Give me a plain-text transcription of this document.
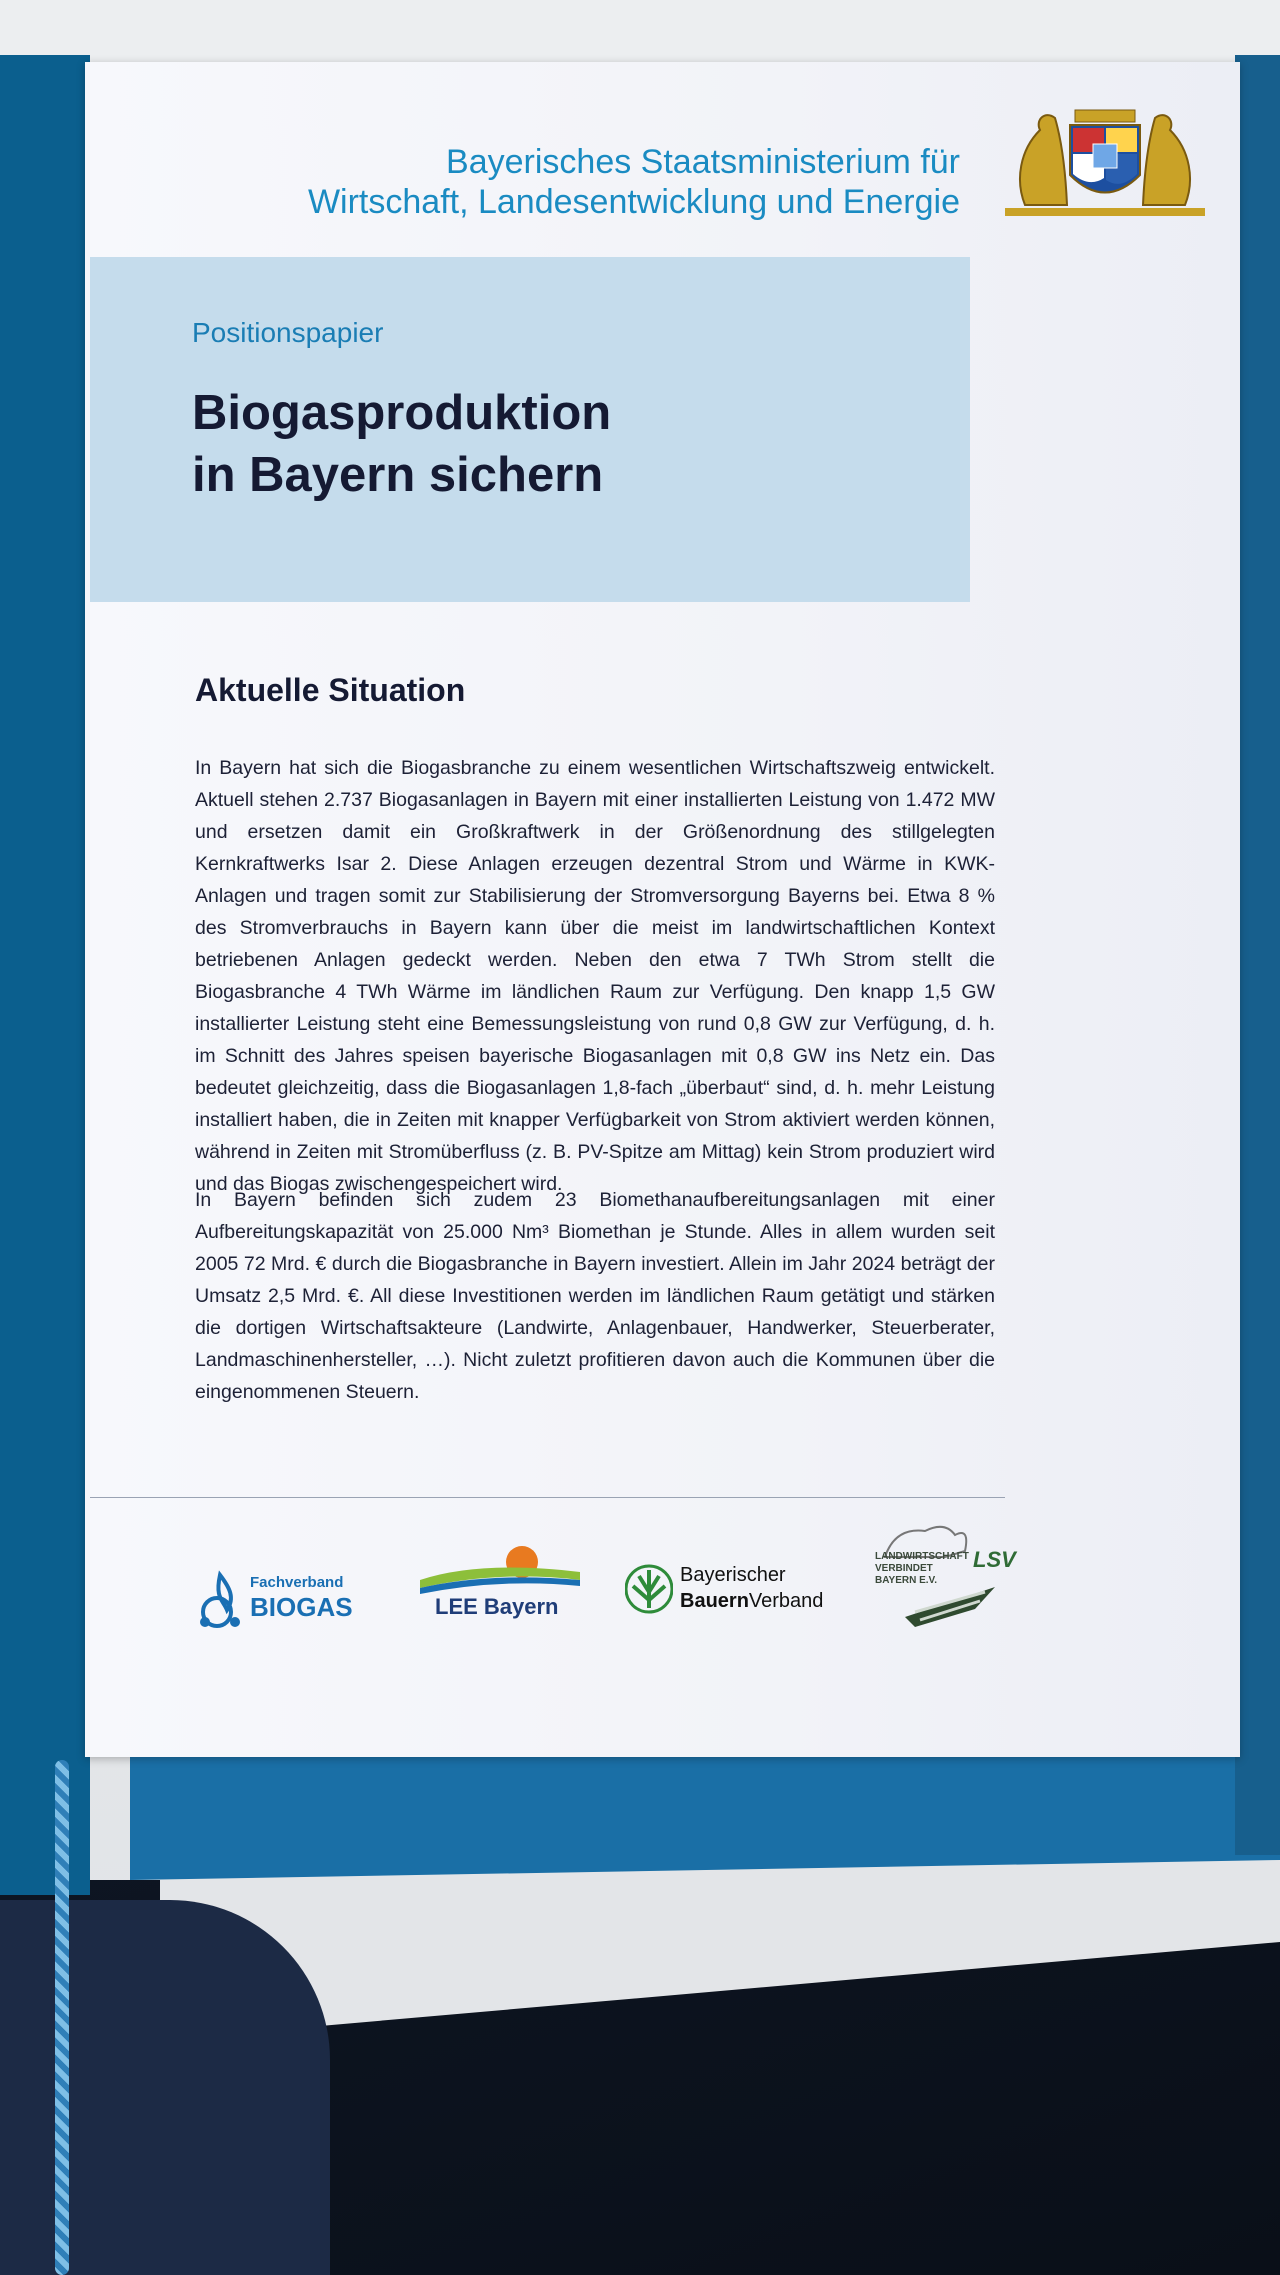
Bayerisches Staatsministerium für
Wirtschaft, Landesentwicklung und Energie
Positionspapier
Biogasproduktion
in Bayern sichern
Aktuelle Situation

In Bayern hat sich die Biogasbranche zu einem wesentlichen Wirtschaftszweig entwickelt. Aktuell stehen 2.737 Biogasanlagen in Bayern mit einer installierten Leistung von 1.472 MW und ersetzen damit ein Großkraftwerk in der Größenordnung des stillgelegten Kernkraftwerks Isar 2. Diese Anlagen erzeugen dezentral Strom und Wärme in KWK-Anlagen und tragen somit zur Stabilisierung der Stromversorgung Bayerns bei. Etwa 8 % des Stromverbrauchs in Bayern kann über die meist im landwirtschaftlichen Kontext betriebenen Anlagen gedeckt werden. Neben den etwa 7 TWh Strom stellt die Biogasbranche 4 TWh Wärme im ländlichen Raum zur Verfügung. Den knapp 1,5 GW installierter Leistung steht eine Bemessungsleistung von rund 0,8 GW zur Verfügung, d. h. im Schnitt des Jahres speisen bayerische Biogasanlagen mit 0,8 GW ins Netz ein. Das bedeutet gleichzeitig, dass die Biogasanlagen 1,8-fach „überbaut“ sind, d. h. mehr Leistung installiert haben, die in Zeiten mit knapper Verfügbarkeit von Strom aktiviert werden können, während in Zeiten mit Stromüberfluss (z. B. PV-Spitze am Mittag) kein Strom produziert wird und das Biogas zwischengespeichert wird.

In Bayern befinden sich zudem 23 Biomethanaufbereitungsanlagen mit einer Aufbereitungskapazität von 25.000 Nm³ Biomethan je Stunde. Alles in allem wurden seit 2005 72 Mrd. € durch die Biogasbranche in Bayern investiert. Allein im Jahr 2024 beträgt der Umsatz 2,5 Mrd. €. All diese Investitionen werden im ländlichen Raum getätigt und stärken die dortigen Wirtschaftsakteure (Landwirte, Anlagenbauer, Handwerker, Steuerberater, Landmaschinenhersteller, …). Nicht zuletzt profitieren davon auch die Kommunen über die eingenommenen Steuern.

Fachverband
BIOGAS	LEE Bayern
Bayerischer
BauernVerband
LANDWIRTSCHAFT VERBINDET BAYERN E.V.
LSV
